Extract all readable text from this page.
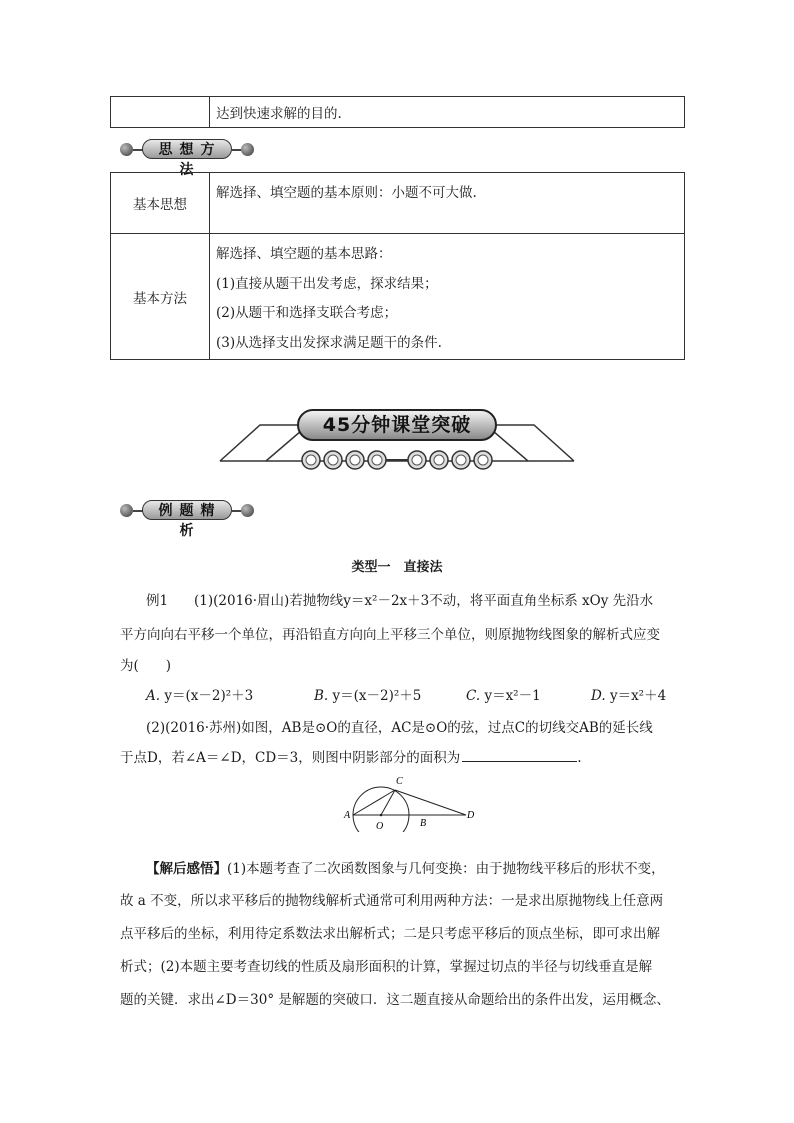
	达到快速求解的目的.
思想方法
基本思想	解选择、填空题的基本原则：小题不可大做.
基本方法	解选择、填空题的基本思路：
(1)直接从题干出发考虑，探求结果；
(2)从题干和选择支联合考虑；
(3)从选择支出发探求满足题干的条件.
45分钟课堂突破
例题精析
类型一　直接法
例1 (1)(2016·眉山)若抛物线y＝x²－2x＋3不动，将平面直角坐标系 xOy 先沿水
平方向向右平移一个单位，再沿铅直方向向上平移三个单位，则原抛物线图象的解析式应变
为(　　)
A. y＝(x－2)²＋3	B. y＝(x－2)²＋5	C. y＝x²－1	D. y＝x²＋4
(2)(2016·苏州)如图，AB是⊙O的直径，AC是⊙O的弦，过点C的切线交AB的延长线
于点D，若∠A＝∠D，CD＝3，则图中阴影部分的面积为	.
A
O	B
C
D
【解后感悟】(1)本题考查了二次函数图象与几何变换：由于抛物线平移后的形状不变，
故 a 不变，所以求平移后的抛物线解析式通常可利用两种方法：一是求出原抛物线上任意两
点平移后的坐标，利用待定系数法求出解析式；二是只考虑平移后的顶点坐标，即可求出解
析式；(2)本题主要考查切线的性质及扇形面积的计算，掌握过切点的半径与切线垂直是解
题的关键．求出∠D＝30° 是解题的突破口．这二题直接从命题给出的条件出发，运用概念、
